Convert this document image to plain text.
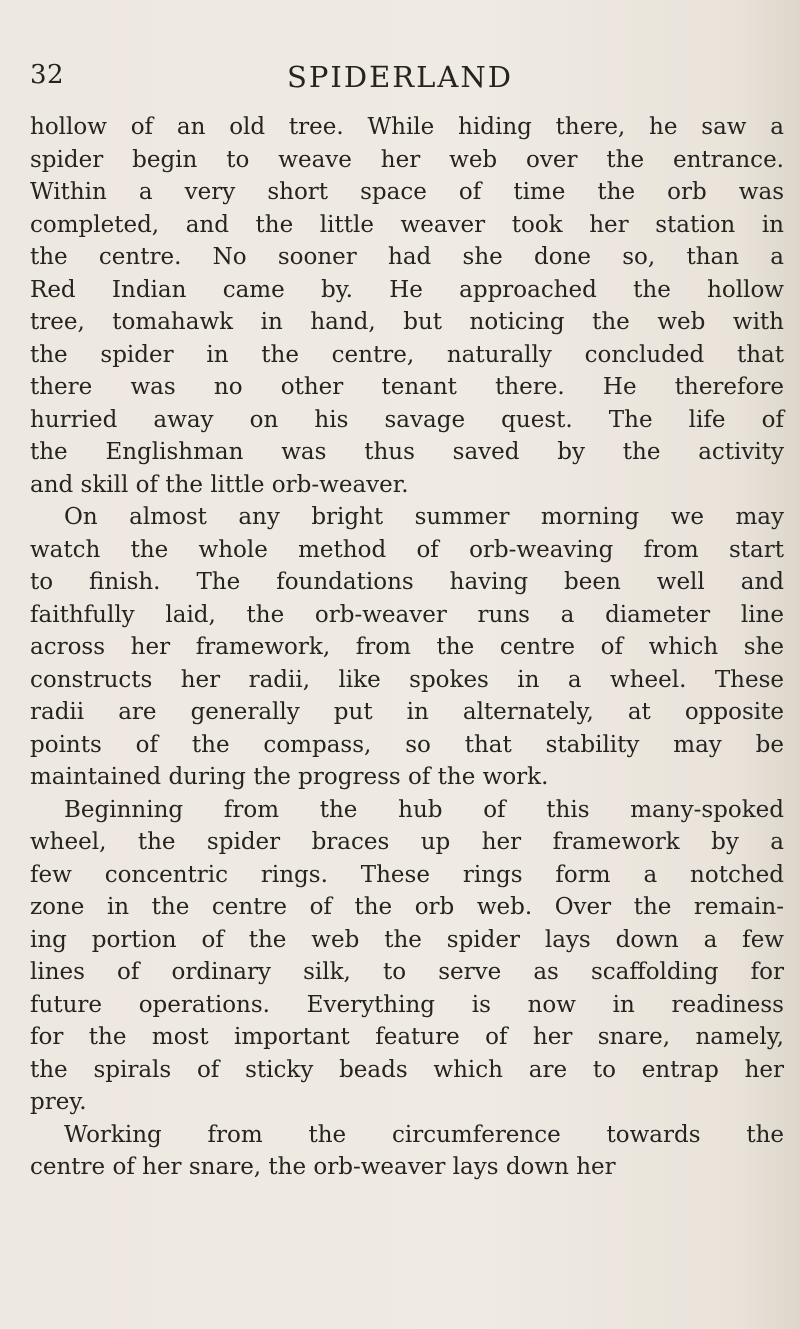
32	SPIDERLAND

hollow of an old tree. While hiding there, he saw a
spider begin to weave her web over the entrance.
Within a very short space of time the orb was
completed, and the little weaver took her station in
the centre. No sooner had she done so, than a
Red Indian came by. He approached the hollow
tree, tomahawk in hand, but noticing the web with
the spider in the centre, naturally concluded that
there was no other tenant there. He therefore
hurried away on his savage quest. The life of
the Englishman was thus saved by the activity
and skill of the little orb-weaver.

On almost any bright summer morning we may
watch the whole method of orb-weaving from start
to finish. The foundations having been well and
faithfully laid, the orb-weaver runs a diameter line
across her framework, from the centre of which she
constructs her radii, like spokes in a wheel. These
radii are generally put in alternately, at opposite
points of the compass, so that stability may be
maintained during the progress of the work.

Beginning from the hub of this many-spoked
wheel, the spider braces up her framework by a
few concentric rings. These rings form a notched
zone in the centre of the orb web. Over the remain-
ing portion of the web the spider lays down a few
lines of ordinary silk, to serve as scaffolding for
future operations. Everything is now in readiness
for the most important feature of her snare, namely,
the spirals of sticky beads which are to entrap her
prey.

Working from the circumference towards the
centre of her snare, the orb-weaver lays down her
